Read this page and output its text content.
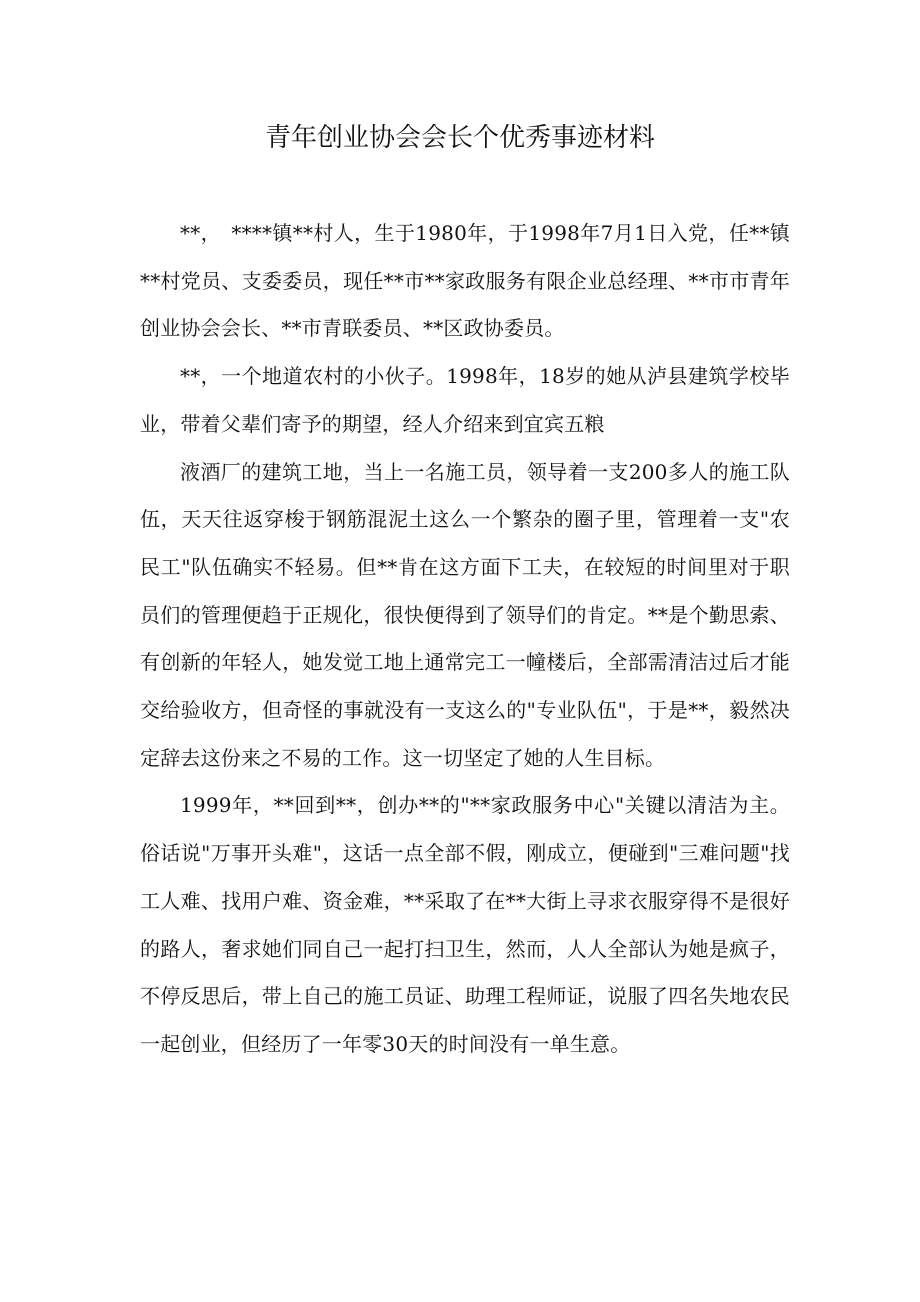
青年创业协会会长个优秀事迹材料

**，　****镇**村人，生于1980年，于1998年7月1日入党，任**镇**村党员、支委委员，现任**市**家政服务有限企业总经理、**市市青年创业协会会长、**市青联委员、**区政协委员。

**，一个地道农村的小伙子。1998年，18岁的她从泸县建筑学校毕业，带着父辈们寄予的期望，经人介绍来到宜宾五粮

液酒厂的建筑工地，当上一名施工员，领导着一支200多人的施工队伍，天天往返穿梭于钢筋混泥土这么一个繁杂的圈子里，管理着一支"农民工"队伍确实不轻易。但**肯在这方面下工夫，在较短的时间里对于职员们的管理便趋于正规化，很快便得到了领导们的肯定。**是个勤思索、有创新的年轻人，她发觉工地上通常完工一幢楼后，全部需清洁过后才能交给验收方，但奇怪的事就没有一支这么的"专业队伍"，于是**，毅然决定辞去这份来之不易的工作。这一切坚定了她的人生目标。

1999年，**回到**，创办**的"**家政服务中心"关键以清洁为主。俗话说"万事开头难"，这话一点全部不假，刚成立，便碰到"三难问题"找工人难、找用户难、资金难，**采取了在**大街上寻求衣服穿得不是很好的路人，奢求她们同自己一起打扫卫生，然而，人人全部认为她是疯子，不停反思后，带上自己的施工员证、助理工程师证，说服了四名失地农民一起创业，但经历了一年零30天的时间没有一单生意。
